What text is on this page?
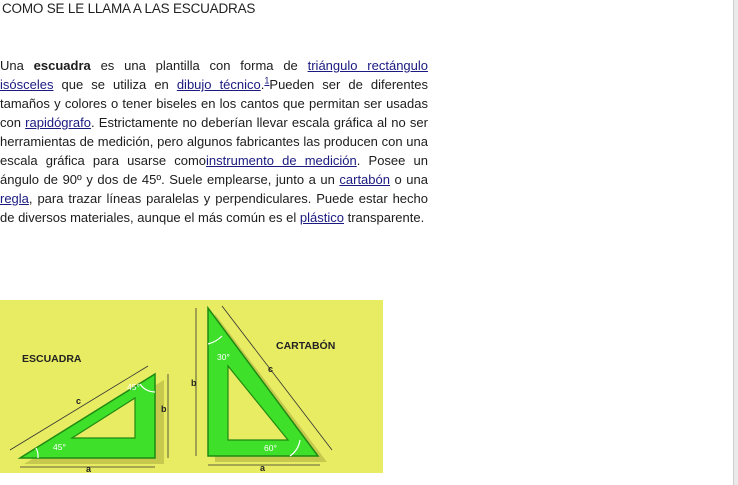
COMO SE LE LLAMA A LAS ESCUADRAS
Una escuadra es una plantilla con forma de triángulo rectángulo isósceles que se utiliza en dibujo técnico.$^1$Pueden ser de diferentes tamaños y colores o tener biseles en los cantos que permitan ser usadas con rapidógrafo. Estrictamente no deberían llevar escala gráfica al no ser herramientas de medición, pero algunos fabricantes las producen con una escala gráfica para usarse comoinstrumento de medición. Posee un ángulo de 90º y dos de 45º. Suele emplearse, junto a un cartabón o una regla, para trazar líneas paralelas y perpendiculares. Puede estar hecho de diversos materiales, aunque el más común es el plástico transparente.
ESCUADRA
45°
45°
c
a
b
CARTABÓN
30°
60°
b
a
c
